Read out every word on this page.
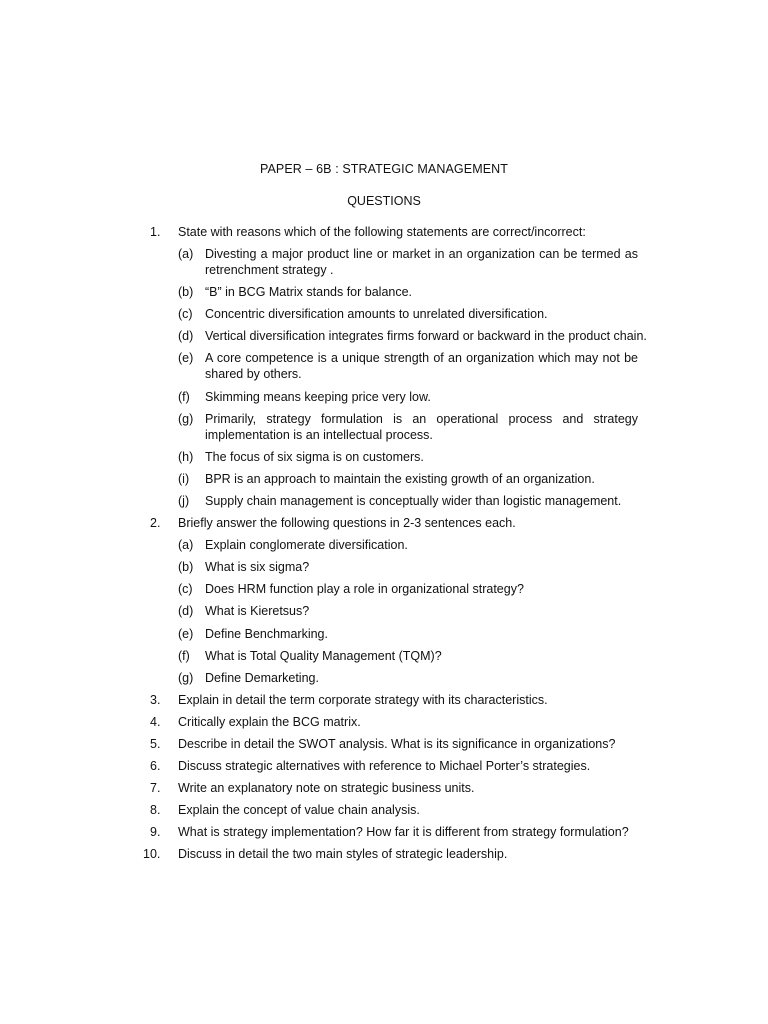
PAPER – 6B : STRATEGIC MANAGEMENT
QUESTIONS
1. State with reasons which of the following statements are correct/incorrect:
(a) Divesting a major product line or market in an organization can be termed as retrenchment strategy .
(b) “B” in BCG Matrix stands for balance.
(c) Concentric diversification amounts to unrelated diversification.
(d) Vertical diversification integrates firms forward or backward in the product chain.
(e) A core competence is a unique strength of an organization which may not be shared by others.
(f) Skimming means keeping price very low.
(g) Primarily, strategy formulation is an operational process and strategy implementation is an intellectual process.
(h) The focus of six sigma is on customers.
(i) BPR is an approach to maintain the existing growth of an organization.
(j) Supply chain management is conceptually wider than logistic management.
2. Briefly answer the following questions in 2-3 sentences each.
(a) Explain conglomerate diversification.
(b) What is six sigma?
(c) Does HRM function play a role in organizational strategy?
(d) What is Kieretsus?
(e) Define Benchmarking.
(f) What is Total Quality Management (TQM)?
(g) Define Demarketing.
3. Explain in detail the term corporate strategy with its characteristics.
4. Critically explain the BCG matrix.
5. Describe in detail the SWOT analysis. What is its significance in organizations?
6. Discuss strategic alternatives with reference to Michael Porter’s strategies.
7. Write an explanatory note on strategic business units.
8. Explain the concept of value chain analysis.
9. What is strategy implementation? How far it is different from strategy formulation?
10. Discuss in detail the two main styles of strategic leadership.
